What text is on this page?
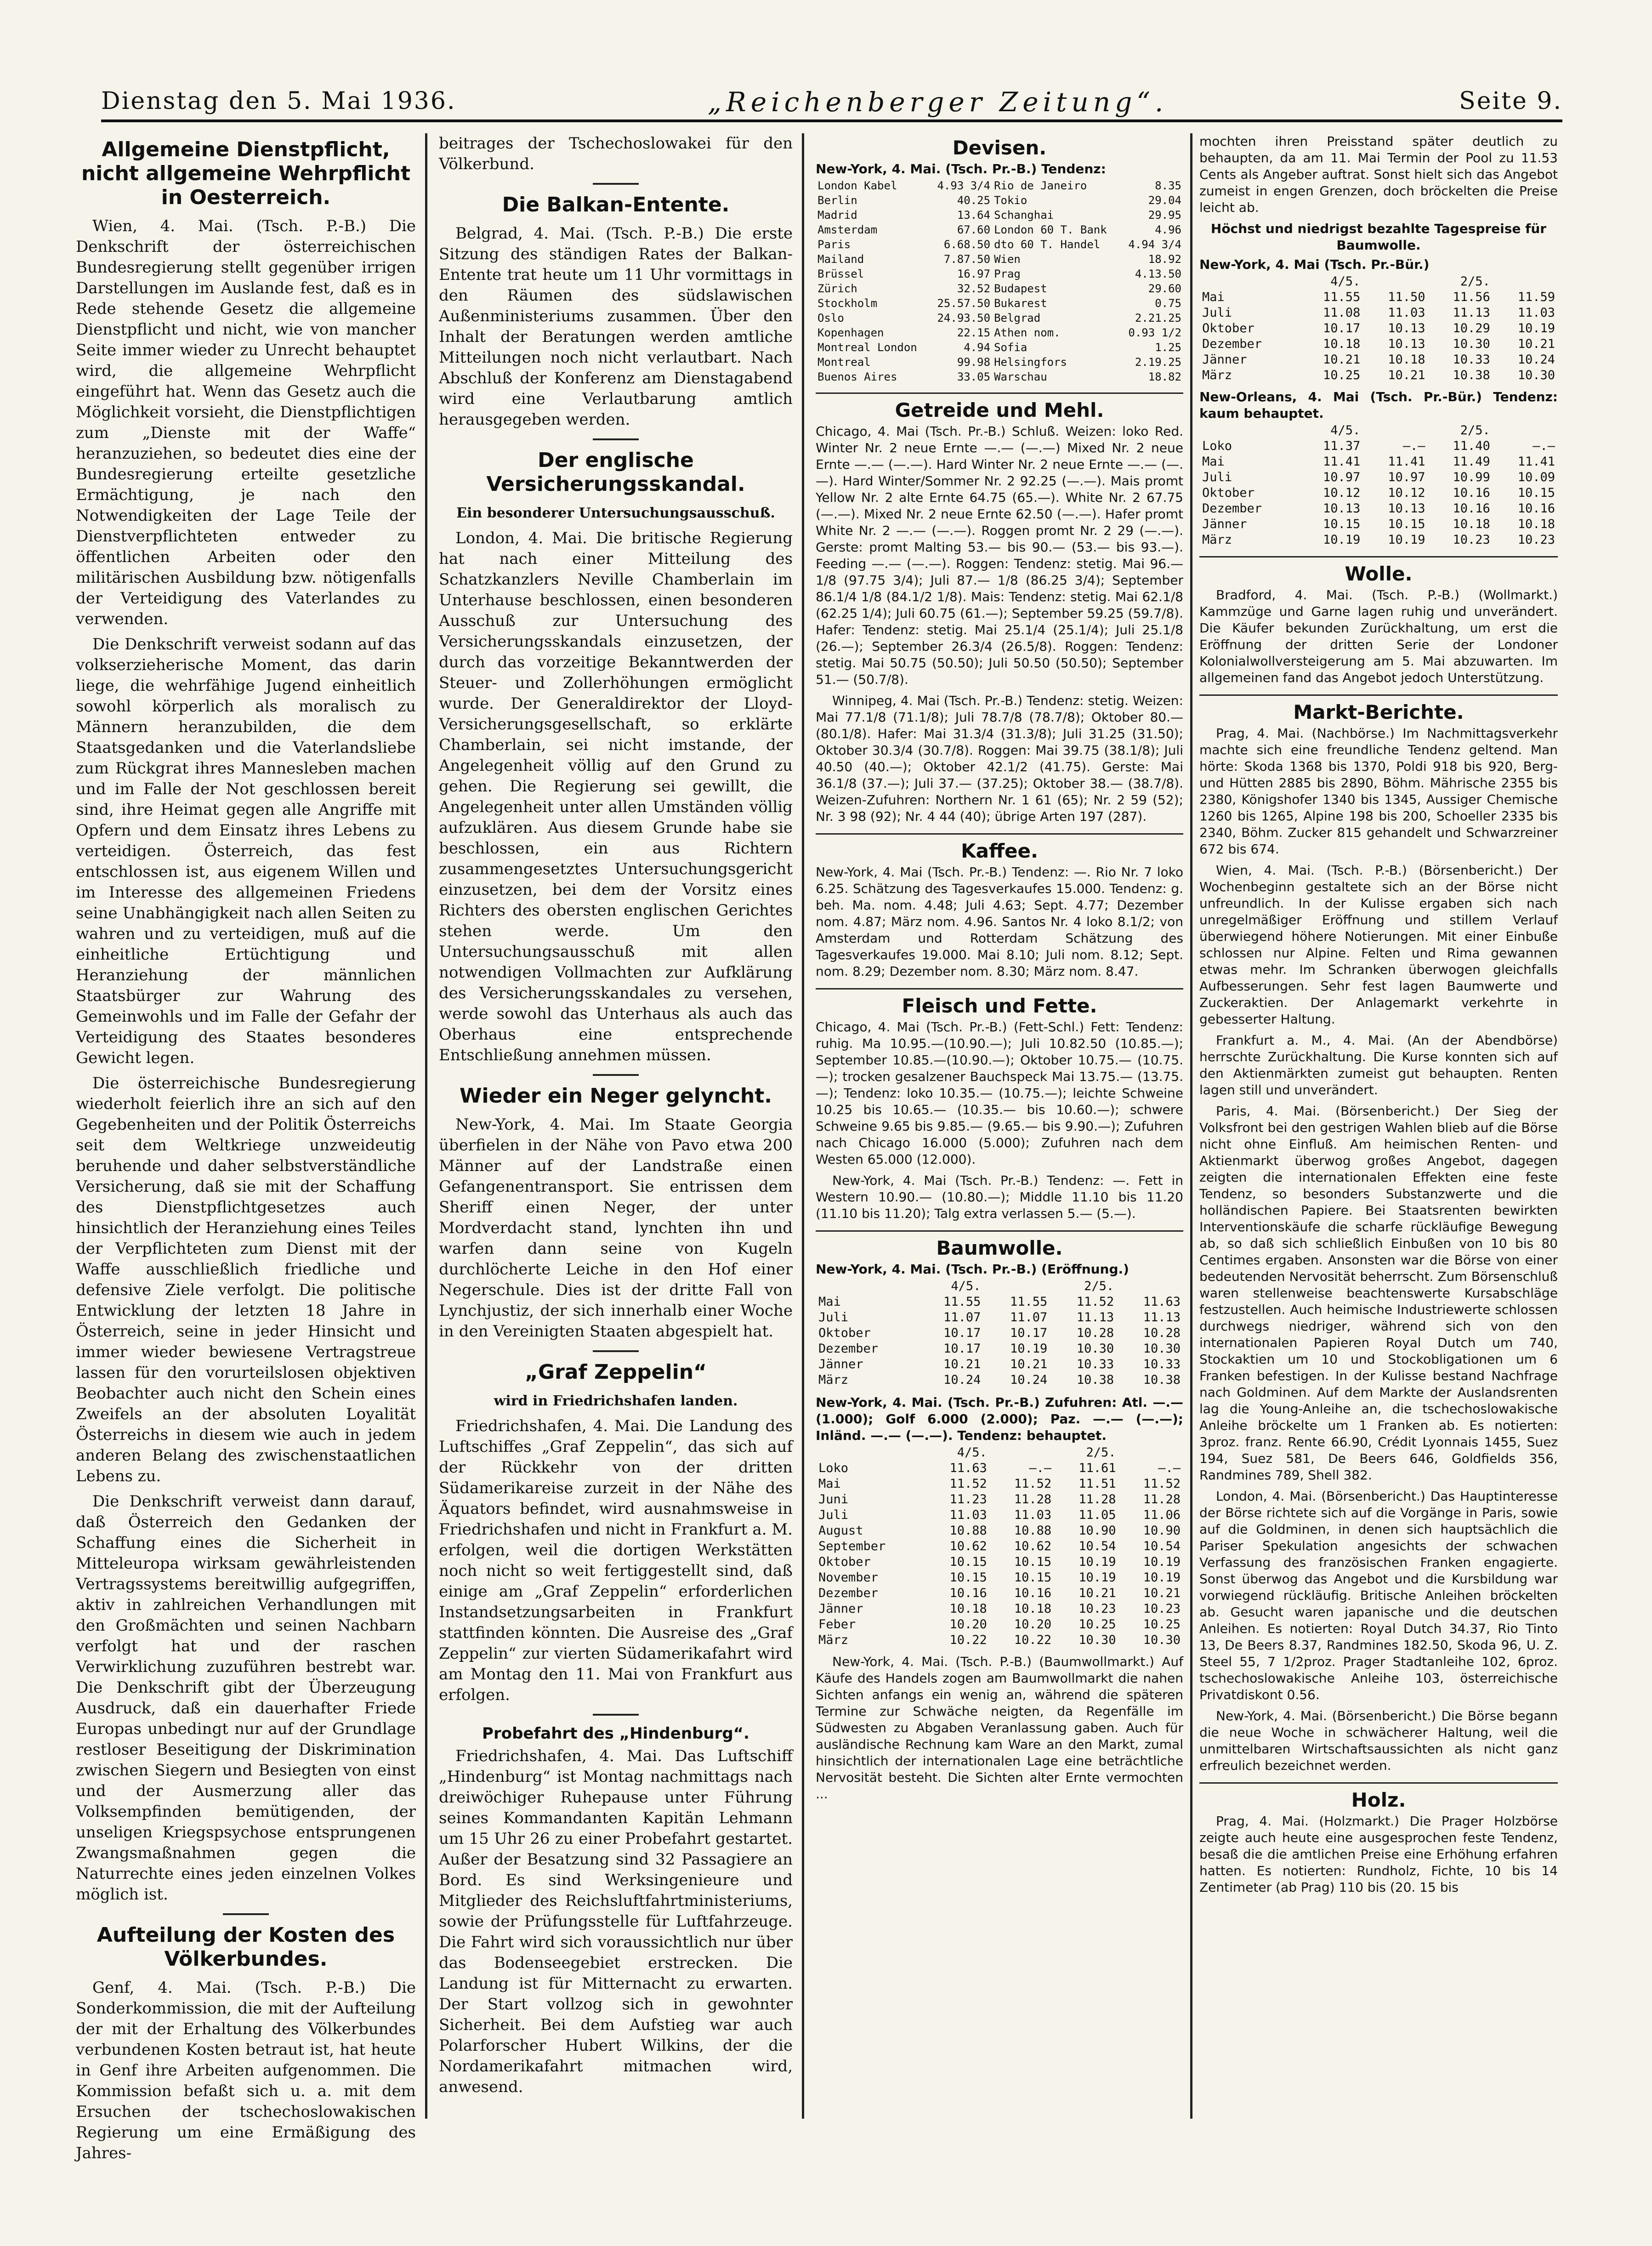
Dienstag den 5. Mai 1936.	„Reichenberger Zeitung“.	Seite 9.
Allgemeine Dienstpflicht, nicht allgemeine Wehrpflicht in Oesterreich.

Wien, 4. Mai. (Tsch. P.-B.) Die Denkschrift der österreichischen Bundesregierung stellt gegenüber irrigen Darstellungen im Auslande fest, daß es in Rede stehende Gesetz die allgemeine Dienstpflicht und nicht, wie von mancher Seite immer wieder zu Unrecht behauptet wird, die allgemeine Wehrpflicht eingeführt hat. Wenn das Gesetz auch die Möglichkeit vorsieht, die Dienstpflichtigen zum „Dienste mit der Waffe“ heranzuziehen, so bedeutet dies eine der Bundesregierung erteilte gesetzliche Ermächtigung, je nach den Notwendigkeiten der Lage Teile der Dienstverpflichteten entweder zu öffentlichen Arbeiten oder den militärischen Ausbildung bzw. nötigenfalls der Verteidigung des Vaterlandes zu verwenden.

Die Denkschrift verweist sodann auf das volkserzieherische Moment, das darin liege, die wehrfähige Jugend einheitlich sowohl körperlich als moralisch zu Männern heranzubilden, die dem Staatsgedanken und die Vaterlandsliebe zum Rückgrat ihres Mannesleben machen und im Falle der Not geschlossen bereit sind, ihre Heimat gegen alle Angriffe mit Opfern und dem Einsatz ihres Lebens zu verteidigen. Österreich, das fest entschlossen ist, aus eigenem Willen und im Interesse des allgemeinen Friedens seine Unabhängigkeit nach allen Seiten zu wahren und zu verteidigen, muß auf die einheitliche Ertüchtigung und Heranziehung der männlichen Staatsbürger zur Wahrung des Gemeinwohls und im Falle der Gefahr der Verteidigung des Staates besonderes Gewicht legen.

Die österreichische Bundesregierung wiederholt feierlich ihre an sich auf den Gegebenheiten und der Politik Österreichs seit dem Weltkriege unzweideutig beruhende und daher selbstverständliche Versicherung, daß sie mit der Schaffung des Dienstpflichtgesetzes auch hinsichtlich der Heranziehung eines Teiles der Verpflichteten zum Dienst mit der Waffe ausschließlich friedliche und defensive Ziele verfolgt. Die politische Entwicklung der letzten 18 Jahre in Österreich, seine in jeder Hinsicht und immer wieder bewiesene Vertragstreue lassen für den vorurteilslosen objektiven Beobachter auch nicht den Schein eines Zweifels an der absoluten Loyalität Österreichs in diesem wie auch in jedem anderen Belang des zwischenstaatlichen Lebens zu.

Die Denkschrift verweist dann darauf, daß Österreich den Gedanken der Schaffung eines die Sicherheit in Mitteleuropa wirksam gewährleistenden Vertragssystems bereitwillig aufgegriffen, aktiv in zahlreichen Verhandlungen mit den Großmächten und seinen Nachbarn verfolgt hat und der raschen Verwirklichung zuzuführen bestrebt war. Die Denkschrift gibt der Überzeugung Ausdruck, daß ein dauerhafter Friede Europas unbedingt nur auf der Grundlage restloser Beseitigung der Diskrimination zwischen Siegern und Besiegten von einst und der Ausmerzung aller das Volksempfinden bemütigenden, der unseligen Kriegspsychose entsprungenen Zwangsmaßnahmen gegen die Naturrechte eines jeden einzelnen Volkes möglich ist.

Aufteilung der Kosten des Völkerbundes.

Genf, 4. Mai. (Tsch. P.-B.) Die Sonderkommission, die mit der Aufteilung der mit der Erhaltung des Völkerbundes verbundenen Kosten betraut ist, hat heute in Genf ihre Arbeiten aufgenommen. Die Kommission befaßt sich u. a. mit dem Ersuchen der tschechoslowakischen Regierung um eine Ermäßigung des Jahres-

beitrages der Tschechoslowakei für den Völkerbund.

Die Balkan-Entente.

Belgrad, 4. Mai. (Tsch. P.-B.) Die erste Sitzung des ständigen Rates der Balkan-Entente trat heute um 11 Uhr vormittags in den Räumen des südslawischen Außenministeriums zusammen. Über den Inhalt der Beratungen werden amtliche Mitteilungen noch nicht verlautbart. Nach Abschluß der Konferenz am Dienstagabend wird eine Verlautbarung amtlich herausgegeben werden.

Der englische Versicherungsskandal.
Ein besonderer Untersuchungsausschuß.

London, 4. Mai. Die britische Regierung hat nach einer Mitteilung des Schatzkanzlers Neville Chamberlain im Unterhause beschlossen, einen besonderen Ausschuß zur Untersuchung des Versicherungsskandals einzusetzen, der durch das vorzeitige Bekanntwerden der Steuer- und Zollerhöhungen ermöglicht wurde. Der Generaldirektor der Lloyd-Versicherungsgesellschaft, so erklärte Chamberlain, sei nicht imstande, der Angelegenheit völlig auf den Grund zu gehen. Die Regierung sei gewillt, die Angelegenheit unter allen Umständen völlig aufzuklären. Aus diesem Grunde habe sie beschlossen, ein aus Richtern zusammengesetztes Untersuchungsgericht einzusetzen, bei dem der Vorsitz eines Richters des obersten englischen Gerichtes stehen werde. Um den Untersuchungsausschuß mit allen notwendigen Vollmachten zur Aufklärung des Versicherungsskandales zu versehen, werde sowohl das Unterhaus als auch das Oberhaus eine entsprechende Entschließung annehmen müssen.

Wieder ein Neger gelyncht.

New-York, 4. Mai. Im Staate Georgia überfielen in der Nähe von Pavo etwa 200 Männer auf der Landstraße einen Gefangenentransport. Sie entrissen dem Sheriff einen Neger, der unter Mordverdacht stand, lynchten ihn und warfen dann seine von Kugeln durchlöcherte Leiche in den Hof einer Negerschule. Dies ist der dritte Fall von Lynchjustiz, der sich innerhalb einer Woche in den Vereinigten Staaten abgespielt hat.

„Graf Zeppelin“
wird in Friedrichshafen landen.

Friedrichshafen, 4. Mai. Die Landung des Luftschiffes „Graf Zeppelin“, das sich auf der Rückkehr von der dritten Südamerikareise zurzeit in der Nähe des Äquators befindet, wird ausnahmsweise in Friedrichshafen und nicht in Frankfurt a. M. erfolgen, weil die dortigen Werkstätten noch nicht so weit fertiggestellt sind, daß einige am „Graf Zeppelin“ erforderlichen Instandsetzungsarbeiten in Frankfurt stattfinden könnten. Die Ausreise des „Graf Zeppelin“ zur vierten Südamerikafahrt wird am Montag den 11. Mai von Frankfurt aus erfolgen.

Probefahrt des „Hindenburg“.

Friedrichshafen, 4. Mai. Das Luftschiff „Hindenburg“ ist Montag nachmittags nach dreiwöchiger Ruhepause unter Führung seines Kommandanten Kapitän Lehmann um 15 Uhr 26 zu einer Probefahrt gestartet. Außer der Besatzung sind 32 Passagiere an Bord. Es sind Werksingenieure und Mitglieder des Reichsluftfahrtministeriums, sowie der Prüfungsstelle für Luftfahrzeuge. Die Fahrt wird sich voraussichtlich nur über das Bodenseegebiet erstrecken. Die Landung ist für Mitternacht zu erwarten. Der Start vollzog sich in gewohnter Sicherheit. Bei dem Aufstieg war auch Polarforscher Hubert Wilkins, der die Nordamerikafahrt mitmachen wird, anwesend.

Devisen.
New-York, 4. Mai. (Tsch. Pr.-B.) Tendenz:
London Kabel	4.93 3/4	Rio de Janeiro	8.35
Berlin	40.25	Tokio	29.04
Madrid	13.64	Schanghai	29.95
Amsterdam	67.60	London 60 T. Bank	4.96
Paris	6.68.50	dto 60 T. Handel	4.94 3/4
Mailand	7.87.50	Wien	18.92
Brüssel	16.97	Prag	4.13.50
Zürich	32.52	Budapest	29.60
Stockholm	25.57.50	Bukarest	0.75
Oslo	24.93.50	Belgrad	2.21.25
Kopenhagen	22.15	Athen nom.	0.93 1/2
Montreal London	4.94	Sofia	1.25
Montreal	99.98	Helsingfors	2.19.25
Buenos Aires	33.05	Warschau	18.82
Getreide und Mehl.

Chicago, 4. Mai (Tsch. Pr.-B.) Schluß. Weizen: loko Red. Winter Nr. 2 neue Ernte —.— (—.—) Mixed Nr. 2 neue Ernte —.— (—.—). Hard Winter Nr. 2 neue Ernte —.— (—.—). Hard Winter/Sommer Nr. 2 92.25 (—.—). Mais promt Yellow Nr. 2 alte Ernte 64.75 (65.—). White Nr. 2 67.75 (—.—). Mixed Nr. 2 neue Ernte 62.50 (—.—). Hafer promt White Nr. 2 —.— (—.—). Roggen promt Nr. 2 29 (—.—). Gerste: promt Malting 53.— bis 90.— (53.— bis 93.—). Feeding —.— (—.—). Roggen: Tendenz: stetig. Mai 96.— 1/8 (97.75 3/4); Juli 87.— 1/8 (86.25 3/4); September 86.1/4 1/8 (84.1/2 1/8). Mais: Tendenz: stetig. Mai 62.1/8 (62.25 1/4); Juli 60.75 (61.—); September 59.25 (59.7/8). Hafer: Tendenz: stetig. Mai 25.1/4 (25.1/4); Juli 25.1/8 (26.—); September 26.3/4 (26.5/8). Roggen: Tendenz: stetig. Mai 50.75 (50.50); Juli 50.50 (50.50); September 51.— (50.7/8).

Winnipeg, 4. Mai (Tsch. Pr.-B.) Tendenz: stetig. Weizen: Mai 77.1/8 (71.1/8); Juli 78.7/8 (78.7/8); Oktober 80.— (80.1/8). Hafer: Mai 31.3/4 (31.3/8); Juli 31.25 (31.50); Oktober 30.3/4 (30.7/8). Roggen: Mai 39.75 (38.1/8); Juli 40.50 (40.—); Oktober 42.1/2 (41.75). Gerste: Mai 36.1/8 (37.—); Juli 37.— (37.25); Oktober 38.— (38.7/8). Weizen-Zufuhren: Northern Nr. 1 61 (65); Nr. 2 59 (52); Nr. 3 98 (92); Nr. 4 44 (40); übrige Arten 197 (287).

Kaffee.

New-York, 4. Mai (Tsch. Pr.-B.) Tendenz: —. Rio Nr. 7 loko 6.25. Schätzung des Tagesverkaufes 15.000. Tendenz: g. beh. Ma. nom. 4.48; Juli 4.63; Sept. 4.77; Dezember nom. 4.87; März nom. 4.96. Santos Nr. 4 loko 8.1/2; von Amsterdam und Rotterdam Schätzung des Tagesverkaufes 19.000. Mai 8.10; Juli nom. 8.12; Sept. nom. 8.29; Dezember nom. 8.30; März nom. 8.47.

Fleisch und Fette.

Chicago, 4. Mai (Tsch. Pr.-B.) (Fett-Schl.) Fett: Tendenz: ruhig. Ma 10.95.—(10.90.—); Juli 10.82.50 (10.85.—); September 10.85.—(10.90.—); Oktober 10.75.— (10.75.—); trocken gesalzener Bauchspeck Mai 13.75.— (13.75.—); Tendenz: loko 10.35.— (10.75.—); leichte Schweine 10.25 bis 10.65.— (10.35.— bis 10.60.—); schwere Schweine 9.65 bis 9.85.— (9.65.— bis 9.90.—); Zufuhren nach Chicago 16.000 (5.000); Zufuhren nach dem Westen 65.000 (12.000).

New-York, 4. Mai (Tsch. Pr.-B.) Tendenz: —. Fett in Western 10.90.— (10.80.—); Middle 11.10 bis 11.20 (11.10 bis 11.20); Talg extra verlassen 5.— (5.—).

Baumwolle.
New-York, 4. Mai. (Tsch. Pr.-B.) (Eröffnung.)
	4/5.		2/5.	
Mai	11.55	11.55	11.52	11.63
Juli	11.07	11.07	11.13	11.13
Oktober	10.17	10.17	10.28	10.28
Dezember	10.17	10.19	10.30	10.30
Jänner	10.21	10.21	10.33	10.33
März	10.24	10.24	10.38	10.38
New-York, 4. Mai. (Tsch. Pr.-B.) Zufuhren: Atl. —.— (1.000); Golf 6.000 (2.000); Paz. —.— (—.—); Inländ. —.— (—.—). Tendenz: behauptet.
	4/5.		2/5.	
Loko	11.63	—.—	11.61	—.—
Mai	11.52	11.52	11.51	11.52
Juni	11.23	11.28	11.28	11.28
Juli	11.03	11.03	11.05	11.06
August	10.88	10.88	10.90	10.90
September	10.62	10.62	10.54	10.54
Oktober	10.15	10.15	10.19	10.19
November	10.15	10.15	10.19	10.19
Dezember	10.16	10.16	10.21	10.21
Jänner	10.18	10.18	10.23	10.23
Feber	10.20	10.20	10.25	10.25
März	10.22	10.22	10.30	10.30

New-York, 4. Mai. (Tsch. P.-B.) (Baumwollmarkt.) Auf Käufe des Handels zogen am Baumwollmarkt die nahen Sichten anfangs ein wenig an, während die späteren Termine zur Schwäche neigten, da Regenfälle im Südwesten zu Abgaben Veranlassung gaben. Auch für ausländische Rechnung kam Ware an den Markt, zumal hinsichtlich der internationalen Lage eine beträchtliche Nervosität besteht. Die Sichten alter Ernte vermochten ...

mochten ihren Preisstand später deutlich zu behaupten, da am 11. Mai Termin der Pool zu 11.53 Cents als Angeber auftrat. Sonst hielt sich das Angebot zumeist in engen Grenzen, doch bröckelten die Preise leicht ab.

Höchst und niedrigst bezahlte Tagespreise für Baumwolle.
New-York, 4. Mai (Tsch. Pr.-Bür.)
	4/5.		2/5.	
Mai	11.55	11.50	11.56	11.59
Juli	11.08	11.03	11.13	11.03
Oktober	10.17	10.13	10.29	10.19
Dezember	10.18	10.13	10.30	10.21
Jänner	10.21	10.18	10.33	10.24
März	10.25	10.21	10.38	10.30
New-Orleans, 4. Mai (Tsch. Pr.-Bür.) Tendenz: kaum behauptet.
	4/5.		2/5.	
Loko	11.37	—.—	11.40	—.—
Mai	11.41	11.41	11.49	11.41
Juli	10.97	10.97	10.99	10.09
Oktober	10.12	10.12	10.16	10.15
Dezember	10.13	10.13	10.16	10.16
Jänner	10.15	10.15	10.18	10.18
März	10.19	10.19	10.23	10.23
Wolle.

Bradford, 4. Mai. (Tsch. P.-B.) (Wollmarkt.) Kammzüge und Garne lagen ruhig und unverändert. Die Käufer bekunden Zurückhaltung, um erst die Eröffnung der dritten Serie der Londoner Kolonialwollversteigerung am 5. Mai abzuwarten. Im allgemeinen fand das Angebot jedoch Unterstützung.

Markt-Berichte.

Prag, 4. Mai. (Nachbörse.) Im Nachmittagsverkehr machte sich eine freundliche Tendenz geltend. Man hörte: Skoda 1368 bis 1370, Poldi 918 bis 920, Berg- und Hütten 2885 bis 2890, Böhm. Mährische 2355 bis 2380, Königshofer 1340 bis 1345, Aussiger Chemische 1260 bis 1265, Alpine 198 bis 200, Schoeller 2335 bis 2340, Böhm. Zucker 815 gehandelt und Schwarzreiner 672 bis 674.

Wien, 4. Mai. (Tsch. P.-B.) (Börsenbericht.) Der Wochenbeginn gestaltete sich an der Börse nicht unfreundlich. In der Kulisse ergaben sich nach unregelmäßiger Eröffnung und stillem Verlauf überwiegend höhere Notierungen. Mit einer Einbuße schlossen nur Alpine. Felten und Rima gewannen etwas mehr. Im Schranken überwogen gleichfalls Aufbesserungen. Sehr fest lagen Baumwerte und Zuckeraktien. Der Anlagemarkt verkehrte in gebesserter Haltung.

Frankfurt a. M., 4. Mai. (An der Abendbörse) herrschte Zurückhaltung. Die Kurse konnten sich auf den Aktienmärkten zumeist gut behaupten. Renten lagen still und unverändert.

Paris, 4. Mai. (Börsenbericht.) Der Sieg der Volksfront bei den gestrigen Wahlen blieb auf die Börse nicht ohne Einfluß. Am heimischen Renten- und Aktienmarkt überwog großes Angebot, dagegen zeigten die internationalen Effekten eine feste Tendenz, so besonders Substanzwerte und die holländischen Papiere. Bei Staatsrenten bewirkten Interventionskäufe die scharfe rückläufige Bewegung ab, so daß sich schließlich Einbußen von 10 bis 80 Centimes ergaben. Ansonsten war die Börse von einer bedeutenden Nervosität beherrscht. Zum Börsenschluß waren stellenweise beachtenswerte Kursabschläge festzustellen. Auch heimische Industriewerte schlossen durchwegs niedriger, während sich von den internationalen Papieren Royal Dutch um 740, Stockaktien um 10 und Stockobligationen um 6 Franken befestigen. In der Kulisse bestand Nachfrage nach Goldminen. Auf dem Markte der Auslandsrenten lag die Young-Anleihe an, die tschechoslowakische Anleihe bröckelte um 1 Franken ab. Es notierten: 3proz. franz. Rente 66.90, Crédit Lyonnais 1455, Suez 194, Suez 581, De Beers 646, Goldfields 356, Randmines 789, Shell 382.

London, 4. Mai. (Börsenbericht.) Das Hauptinteresse der Börse richtete sich auf die Vorgänge in Paris, sowie auf die Goldminen, in denen sich hauptsächlich die Pariser Spekulation angesichts der schwachen Verfassung des französischen Franken engagierte. Sonst überwog das Angebot und die Kursbildung war vorwiegend rückläufig. Britische Anleihen bröckelten ab. Gesucht waren japanische und die deutschen Anleihen. Es notierten: Royal Dutch 34.37, Rio Tinto 13, De Beers 8.37, Randmines 182.50, Skoda 96, U. Z. Steel 55, 7 1/2proz. Prager Stadtanleihe 102, 6proz. tschechoslowakische Anleihe 103, österreichische Privatdiskont 0.56.

New-York, 4. Mai. (Börsenbericht.) Die Börse begann die neue Woche in schwächerer Haltung, weil die unmittelbaren Wirtschaftsaussichten als nicht ganz erfreulich bezeichnet werden.

Holz.

Prag, 4. Mai. (Holzmarkt.) Die Prager Holzbörse zeigte auch heute eine ausgesprochen feste Tendenz, besaß die die amtlichen Preise eine Erhöhung erfahren hatten. Es notierten: Rundholz, Fichte, 10 bis 14 Zentimeter (ab Prag) 110 bis (20. 15 bis
